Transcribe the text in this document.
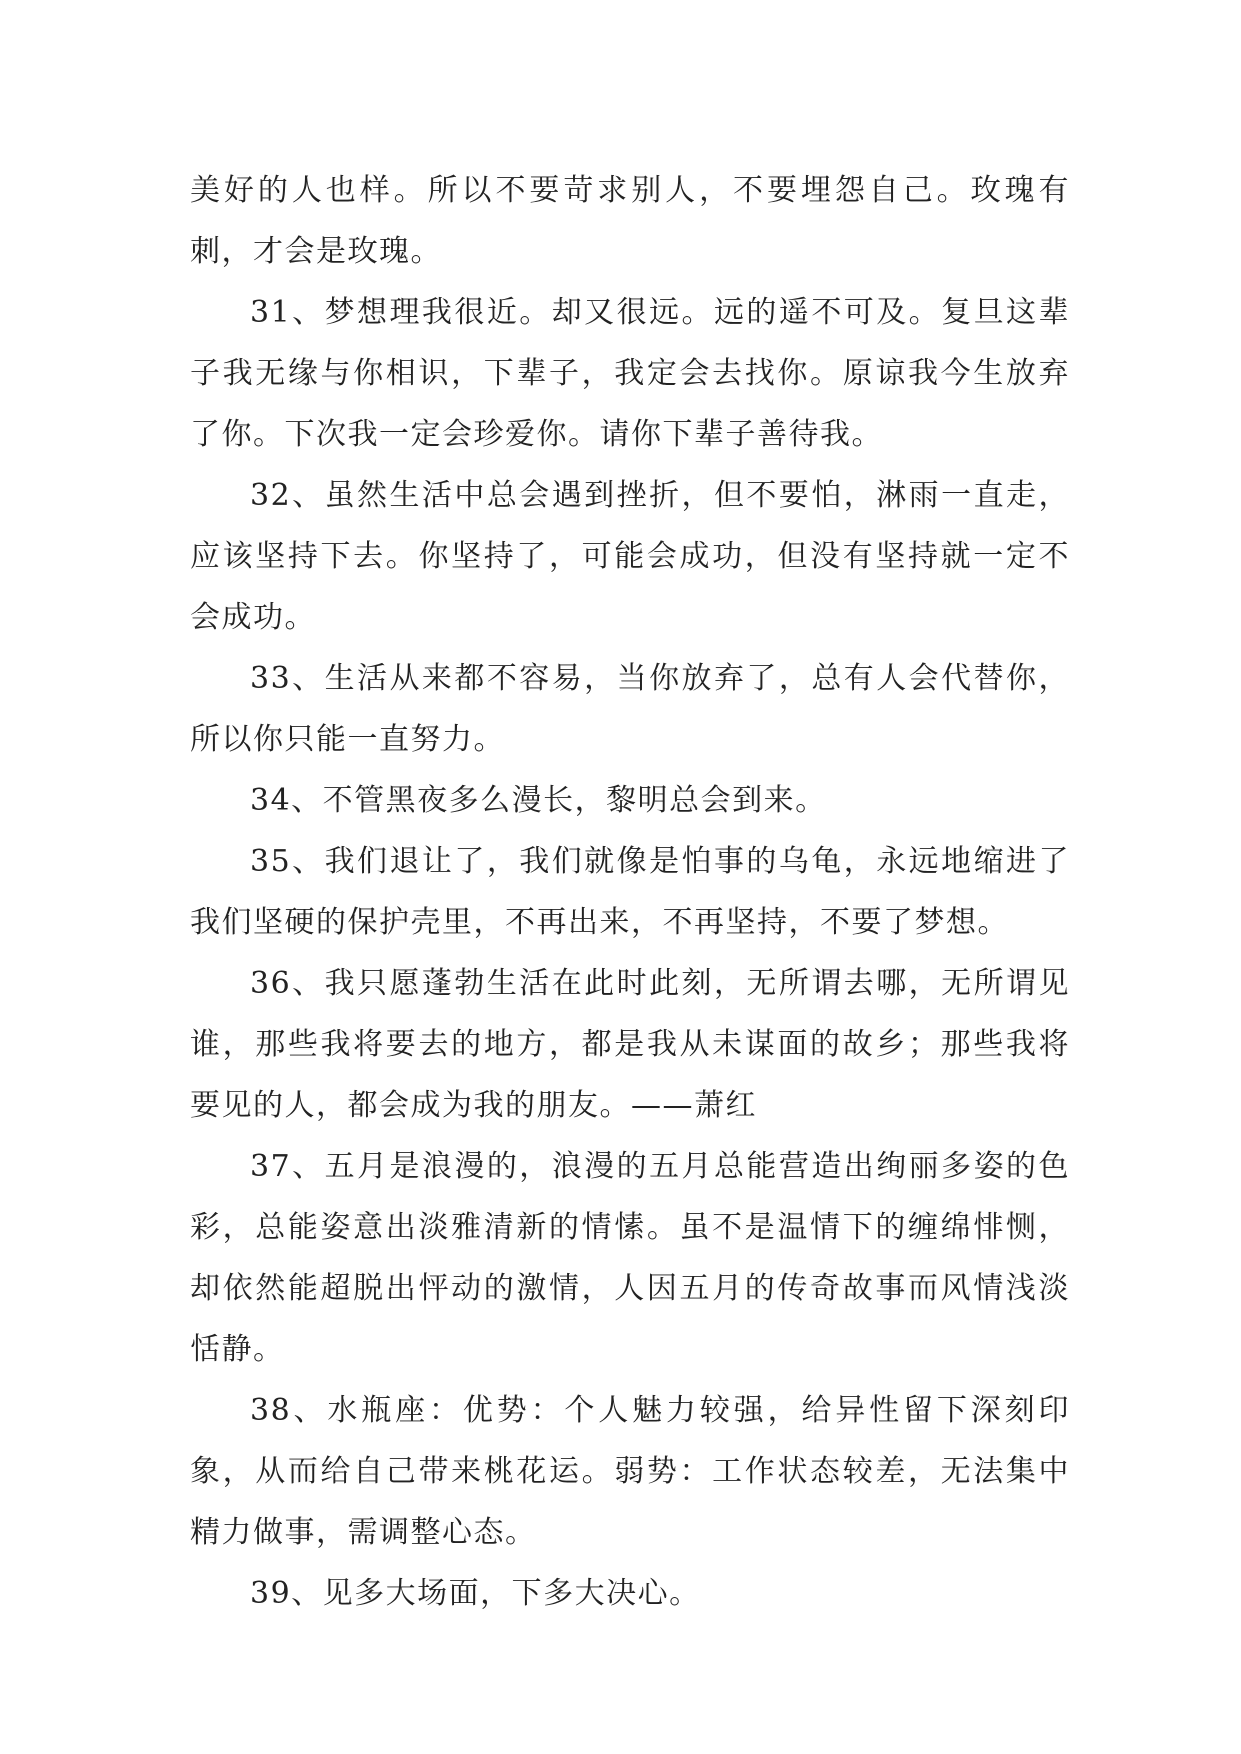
美好的人也样。所以不要苛求别人，不要埋怨自己。玫瑰有刺，才会是玫瑰。

31、梦想理我很近。却又很远。远的遥不可及。复旦这辈子我无缘与你相识，下辈子，我定会去找你。原谅我今生放弃了你。下次我一定会珍爱你。请你下辈子善待我。

32、虽然生活中总会遇到挫折，但不要怕，淋雨一直走，应该坚持下去。你坚持了，可能会成功，但没有坚持就一定不会成功。

33、生活从来都不容易，当你放弃了，总有人会代替你，所以你只能一直努力。

34、不管黑夜多么漫长，黎明总会到来。

35、我们退让了，我们就像是怕事的乌龟，永远地缩进了我们坚硬的保护壳里，不再出来，不再坚持，不要了梦想。

36、我只愿蓬勃生活在此时此刻，无所谓去哪，无所谓见谁，那些我将要去的地方，都是我从未谋面的故乡；那些我将要见的人，都会成为我的朋友。——萧红

37、五月是浪漫的，浪漫的五月总能营造出绚丽多姿的色彩，总能姿意出淡雅清新的情愫。虽不是温情下的缠绵悱恻，却依然能超脱出怦动的激情，人因五月的传奇故事而风情浅淡恬静。

38、水瓶座：优势：个人魅力较强，给异性留下深刻印象，从而给自己带来桃花运。弱势：工作状态较差，无法集中精力做事，需调整心态。

39、见多大场面，下多大决心。
